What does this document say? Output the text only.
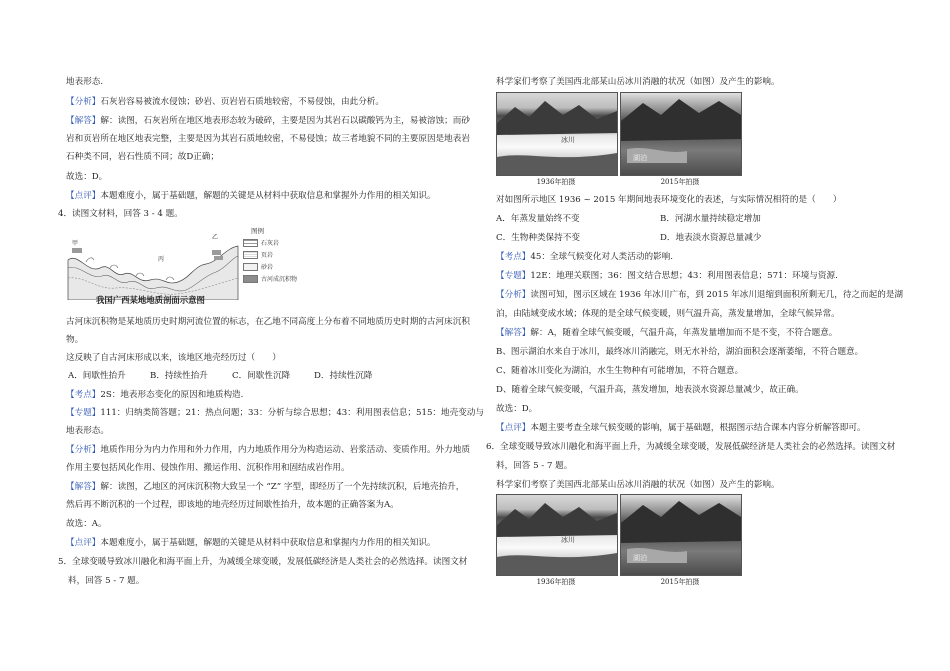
地表形态.
【分析】石灰岩容易被流水侵蚀；砂岩、页岩岩石质地较密，不易侵蚀，由此分析。
【解答】解：读图，石灰岩所在地区地表形态较为破碎，主要是因为其岩石以碳酸钙为主，易被溶蚀；而砂
岩和页岩所在地区地表完整，主要是因为其岩石质地较密，不易侵蚀；故三者地貌不同的主要原因是地表岩
石种类不同，岩石性质不同；故D正确；
故选：D。
【点评】本题难度小，属于基础题，解题的关键是从材料中获取信息和掌握外力作用的相关知识。
4．读图文材料，回答 3 - 4 题。
甲
丙
乙
图例
石灰岩
页岩
砂岩
古河成沉积物
我国广西某地地质剖面示意图
古河床沉积物是某地质历史时期河流位置的标志，在乙地不同高度上分布着不同地质历史时期的古河床沉积
物。
这反映了自古河床形成以来，该地区地壳经历过（　　）
A．间歇性抬升	B．持续性抬升	C．间歇性沉降	D．持续性沉降
【考点】2S：地表形态变化的原因和地质构造.
【专题】111：归纳类简答题；21：热点问题；33：分析与综合思想；43：利用图表信息；515：地壳变动与
地表形态。
【分析】地质作用分为内力作用和外力作用，内力地质作用分为构造运动、岩浆活动、变质作用。外力地质
作用主要包括风化作用、侵蚀作用、搬运作用、沉积作用和固结成岩作用。
【解答】解：读图，乙地区的河床沉积物大致呈一个 “Z” 字型，即经历了一个先持续沉积，后地壳抬升，
然后再不断沉积的一个过程，即该地的地壳经历过间歇性抬升，故本题的正确答案为A。
故选：A。
【点评】本题难度小，属于基础题，解题的关键是从材料中获取信息和掌握内力作用的相关知识。
5．全球变暖导致冰川融化和海平面上升，为减缓全球变暖，发展低碳经济是人类社会的必然选择。读图文材
料，回答 5 - 7 题。
科学家们考察了美国西北部某山岳冰川消融的状况（如图）及产生的影响。
冰川
湖泊
1936年拍摄	2015年拍摄
对如图所示地区 1936 ~ 2015 年期间地表环境变化的表述，与实际情况相符的是（　　）
A．年蒸发量始终不变	B．河湖水量持续稳定增加
C．生物种类保持不变	D．地表淡水资源总量减少
【考点】45：全球气候变化对人类活动的影响.
【专题】12E：地理关联图；36：图文结合思想；43：利用图表信息；571：环境与资源.
【分析】读图可知，图示区域在 1936 年冰川广布，到 2015 年冰川退缩到面积所剩无几，待之而起的是湖
泊，由陆域变成水域；体现的是全球气候变暖，则气温升高，蒸发量增加，全球气候异常。
【解答】解：A，随着全球气候变暖，气温升高，年蒸发量增加而不是不变，不符合题意。
B、图示湖泊水来自于冰川，最终冰川消融完，则无水补给，湖泊面积会逐渐萎缩，不符合题意。
C、随着冰川变化为湖泊，水生生物种有可能增加，不符合题意。
D、随着全球气候变暖，气温升高，蒸发增加，地表淡水资源总量减少，故正确。
故选：D。
【点评】本题主要考查全球气候变暖的影响，属于基础题，根据图示结合课本内容分析解答即可。
6．全球变暖导致冰川融化和海平面上升，为减缓全球变暖，发展低碳经济是人类社会的必然选择。读图文材
料，回答 5 - 7 题。
科学家们考察了美国西北部某山岳冰川消融的状况（如图）及产生的影响。
冰川
湖泊
1936年拍摄	2015年拍摄
